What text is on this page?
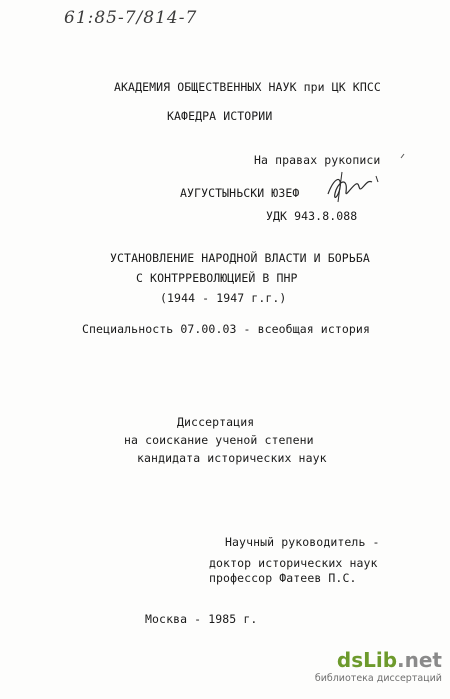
61:85-7/814-7
АКАДЕМИЯ ОБЩЕСТВЕННЫХ НАУК при ЦК КПСС
КАФЕДРА ИСТОРИИ
На правах рукописи
АУГУСТЫНЬСКИ ЮЗЕФ
УДК 943.8.088
УСТАНОВЛЕНИЕ НАРОДНОЙ ВЛАСТИ И БОРЬБА
С КОНТРРЕВОЛЮЦИЕЙ В ПНР
(1944 - 1947 г.г.)
Специальность 07.00.03 - всеобщая история
Диссертация
на соискание ученой степени
кандидата исторических наук
Научный руководитель -
доктор исторических наук
профессор Фатеев П.С.
Москва - 1985 г.
dsLib.net
библиотека диссертаций
